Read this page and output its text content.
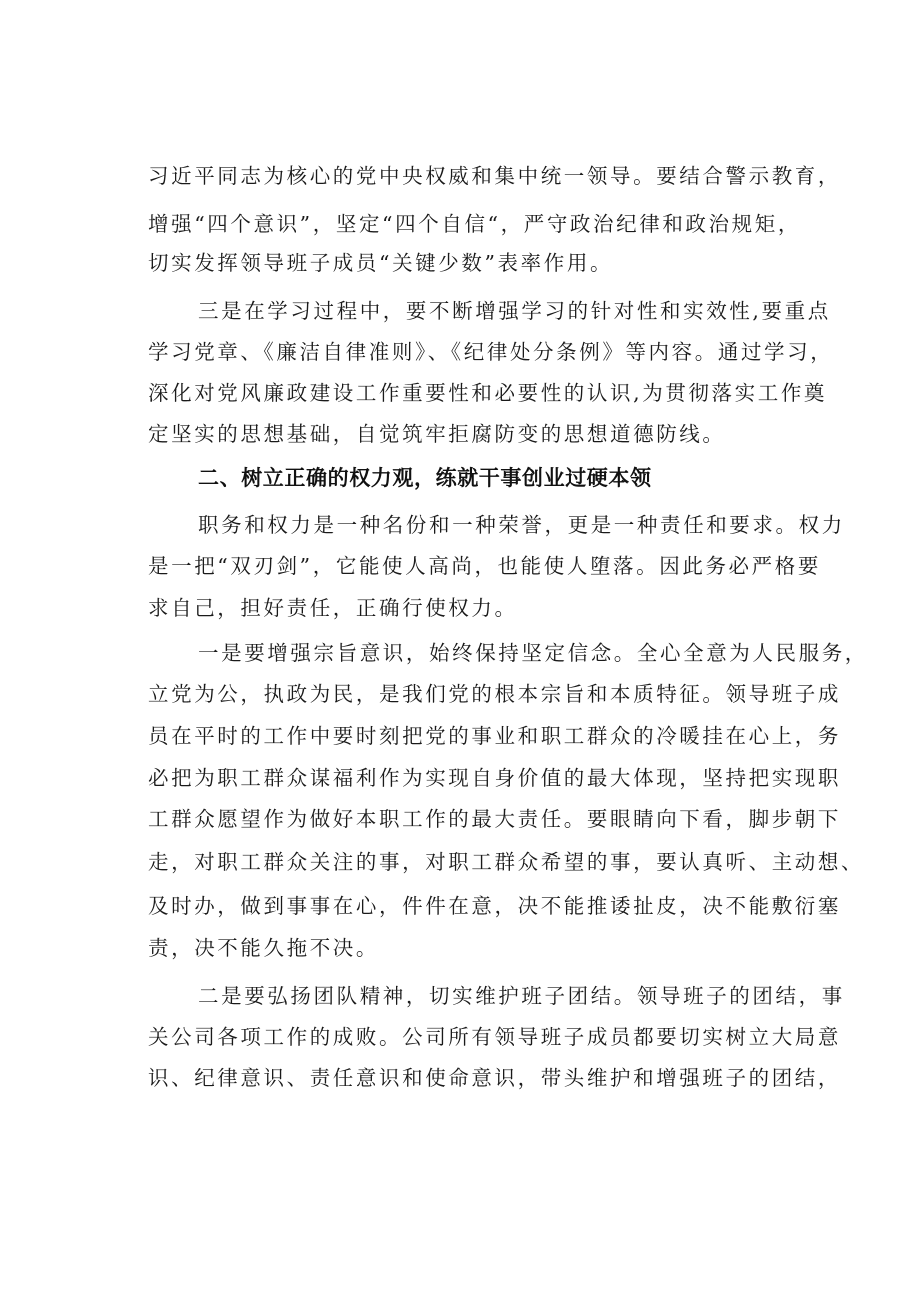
习近平同志为核心的党中央权威和集中统一领导。要结合警示教育，
增强“四个意识”，坚定“四个自信“，严守政治纪律和政治规矩，
切实发挥领导班子成员“关键少数”表率作用。
三是在学习过程中，要不断增强学习的针对性和实效性,要重点
学习党章、《廉洁自律准则》、《纪律处分条例》等内容。通过学习，
深化对党风廉政建设工作重要性和必要性的认识,为贯彻落实工作奠
定坚实的思想基础，自觉筑牢拒腐防变的思想道德防线。
二、树立正确的权力观，练就干事创业过硬本领
职务和权力是一种名份和一种荣誉，更是一种责任和要求。权力
是一把“双刃剑”，它能使人高尚，也能使人堕落。因此务必严格要
求自己，担好责任，正确行使权力。
一是要增强宗旨意识，始终保持坚定信念。全心全意为人民服务，
立党为公，执政为民，是我们党的根本宗旨和本质特征。领导班子成
员在平时的工作中要时刻把党的事业和职工群众的冷暖挂在心上，务
必把为职工群众谋福利作为实现自身价值的最大体现，坚持把实现职
工群众愿望作为做好本职工作的最大责任。要眼睛向下看，脚步朝下
走，对职工群众关注的事，对职工群众希望的事，要认真听、主动想、
及时办，做到事事在心，件件在意，决不能推诿扯皮，决不能敷衍塞
责，决不能久拖不决。
二是要弘扬团队精神，切实维护班子团结。领导班子的团结，事
关公司各项工作的成败。公司所有领导班子成员都要切实树立大局意
识、纪律意识、责任意识和使命意识，带头维护和增强班子的团结，
